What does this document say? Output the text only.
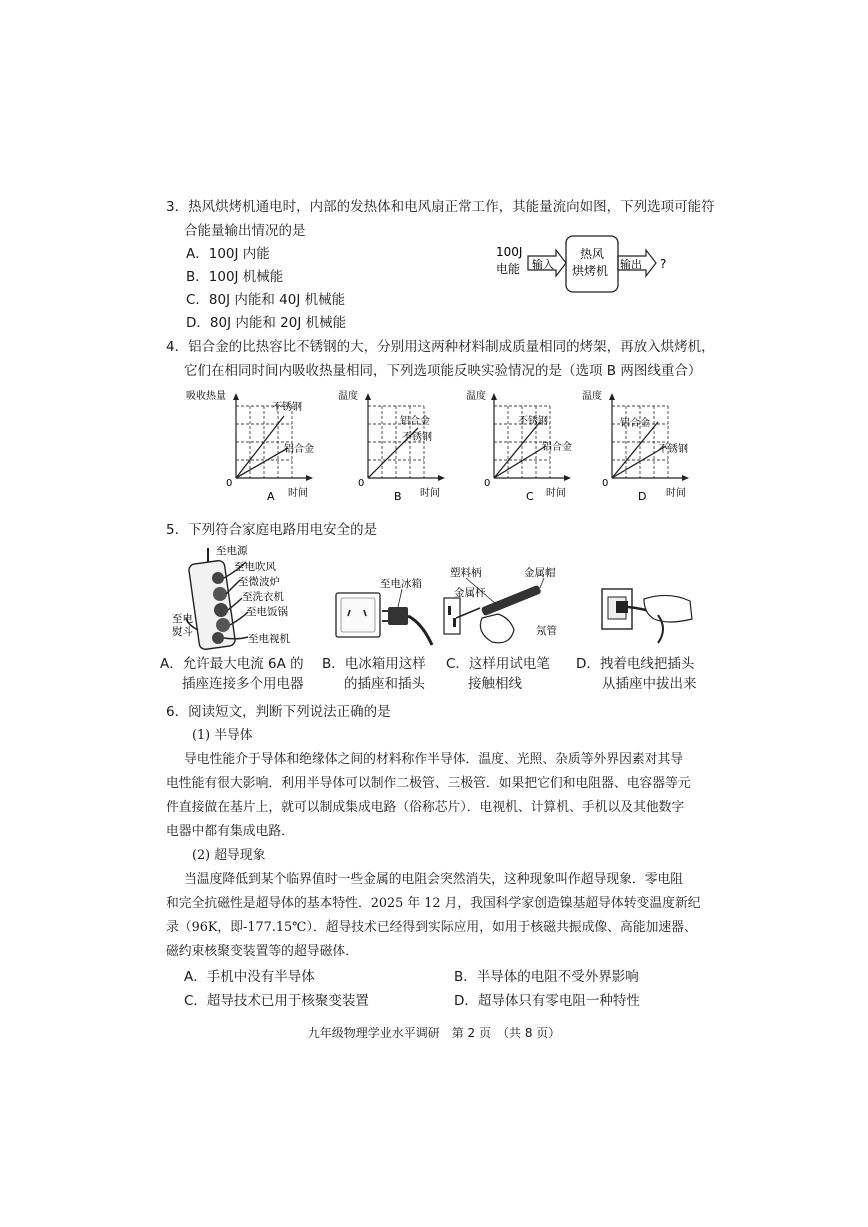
3．热风烘烤机通电时，内部的发热体和电风扇正常工作，其能量流向如图，下列选项可能符
合能量输出情况的是
A．100J 内能
B．100J 机械能
C．80J 内能和 40J 机械能
D．80J 内能和 20J 机械能
100J
电能 输入
热风
烘烤机 输出 ?
4．铝合金的比热容比不锈钢的大，分别用这两种材料制成质量相同的烤架，再放入烘烤机，
它们在相同时间内吸收热量相同，下列选项能反映实验情况的是（选项 B 两图线重合）
吸收热量
时间
0
不锈钢
铝合金
A
温度
时间
0
铝合金
不锈钢
B
温度
时间
0
不锈钢
铝合金
C
温度
时间
0
铝合金
不锈钢
D
5．下列符合家庭电路用电安全的是
至电源
至电吹风
至微波炉
至洗衣机
至电饭锅
至电
熨斗
至电视机
至电冰箱
塑料柄	金属帽
金属杆
氖管
A．允许最大电流 6A 的
插座连接多个用电器
B．电冰箱用这样
的插座和插头
C．这样用试电笔
接触相线
D．拽着电线把插头
从插座中拔出来
6．阅读短文，判断下列说法正确的是
(1) 半导体
导电性能介于导体和绝缘体之间的材料称作半导体．温度、光照、杂质等外界因素对其导
电性能有很大影响．利用半导体可以制作二极管、三极管．如果把它们和电阻器、电容器等元
件直接做在基片上，就可以制成集成电路（俗称芯片）．电视机、计算机、手机以及其他数字
电器中都有集成电路．
(2) 超导现象
当温度降低到某个临界值时一些金属的电阻会突然消失，这种现象叫作超导现象．零电阻
和完全抗磁性是超导体的基本特性．2025 年 12 月，我国科学家创造镍基超导体转变温度新纪
录（96K，即-177.15℃）．超导技术已经得到实际应用，如用于核磁共振成像、高能加速器、
磁约束核聚变装置等的超导磁体．
A．手机中没有半导体	B．半导体的电阻不受外界影响
C．超导技术已用于核聚变装置	D．超导体只有零电阻一种特性
九年级物理学业水平调研　第 2 页　（共 8 页）
